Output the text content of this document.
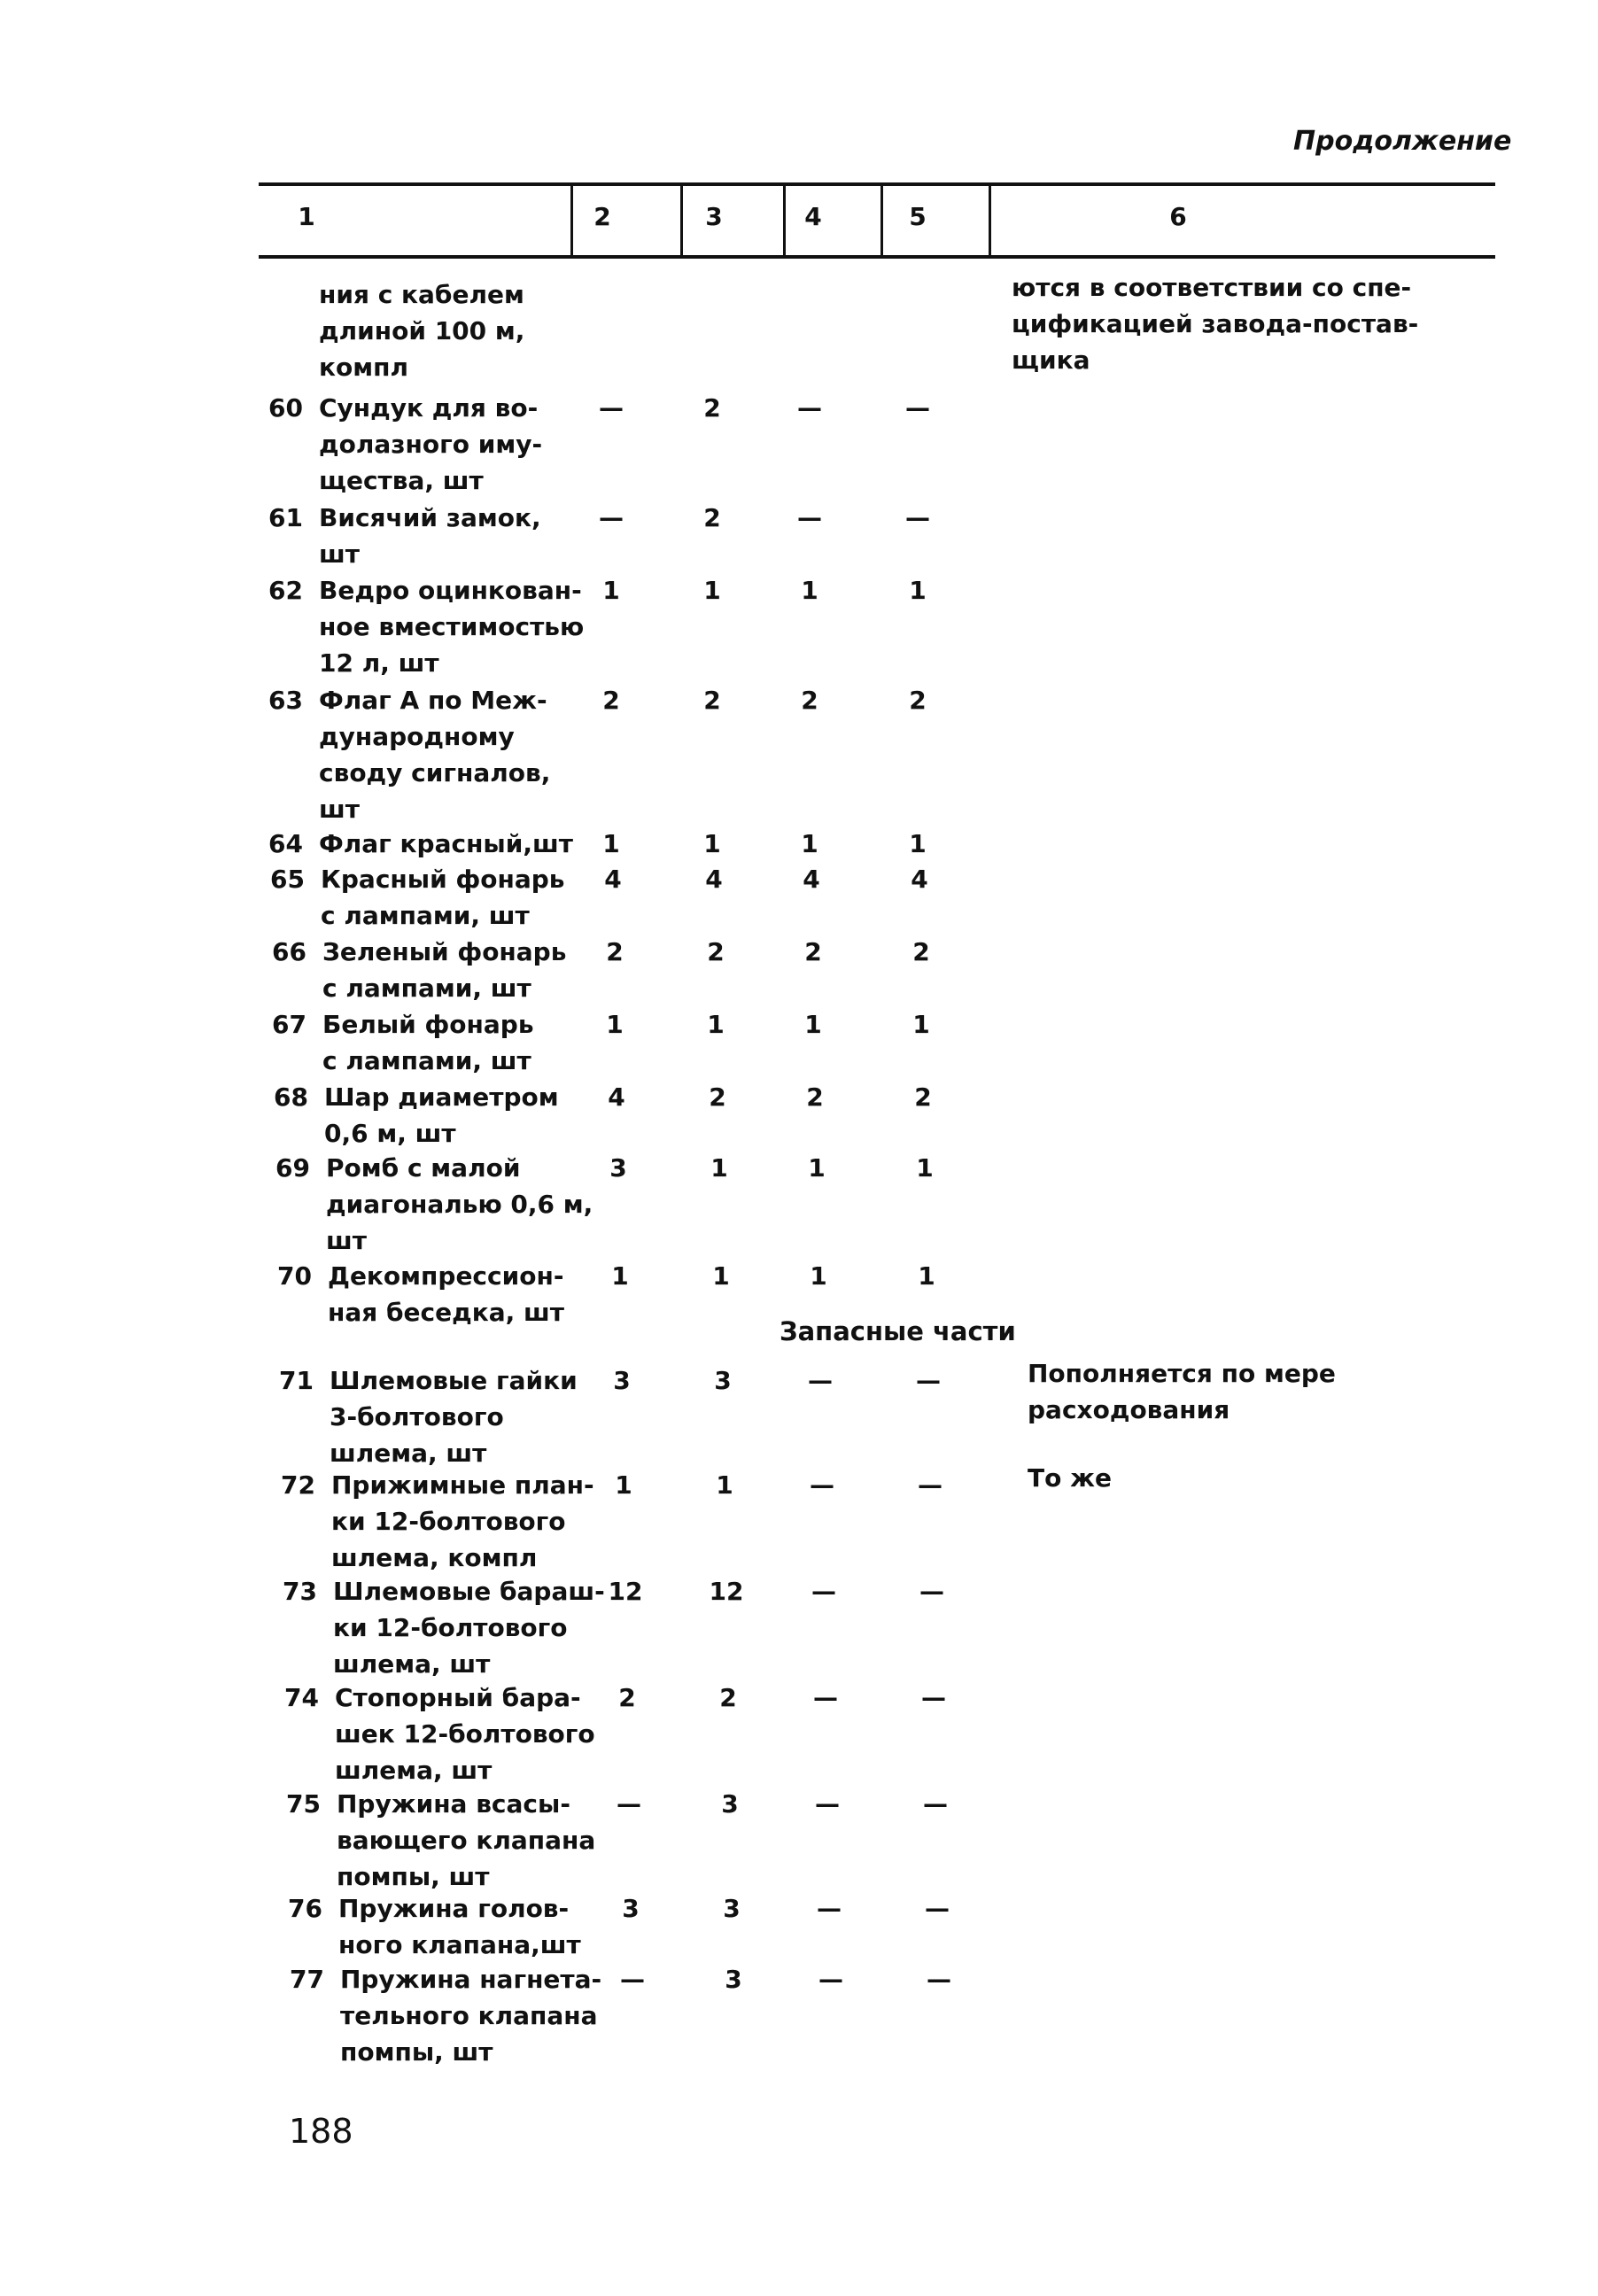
Продолжение
1	2	3	4	5	6
ния с кабелем
длиной 100 м,
компл
ются в соответствии со спе-
цификацией завода-постав-
щика
60 Сундук для во-
долазного иму-
щества, шт
—	2	—	—
61 Висячий замок,
шт
—	2	—	—
62 Ведро оцинкован-
ное вместимостью
12 л, шт
1	1	1	1
63 Флаг А по Меж-
дународному
своду сигналов,
шт
2	2	2	2
64 Флаг красный,шт	1	1	1	1
65 Красный фонарь
с лампами, шт
4	4	4	4
66 Зеленый фонарь
с лампами, шт
2	2	2	2
67 Белый фонарь
с лампами, шт
1	1	1	1
68 Шар диаметром
0,6 м, шт
4	2	2	2
69 Ромб с малой
диагональю 0,6 м,
шт
3	1	1	1
70 Декомпрессион-
ная беседка, шт
1	1	1	1
71 Шлемовые гайки
3-болтового
шлема, шт
3	3	—	—	Пополняется по мере
расходования
72 Прижимные план-
ки 12-болтового
шлема, компл
1	1	—	—	То же
73 Шлемовые бараш-
ки 12-болтового
шлема, шт
12	12	—	—
74 Стопорный бара-
шек 12-болтового
шлема, шт
2	2	—	—
75 Пружина всасы-
вающего клапана
помпы, шт
—	3	—	—
76 Пружина голов-
ного клапана,шт
3	3	—	—
77 Пружина нагнета-
тельного клапана
помпы, шт
—	3	—	—
Запасные части
188
